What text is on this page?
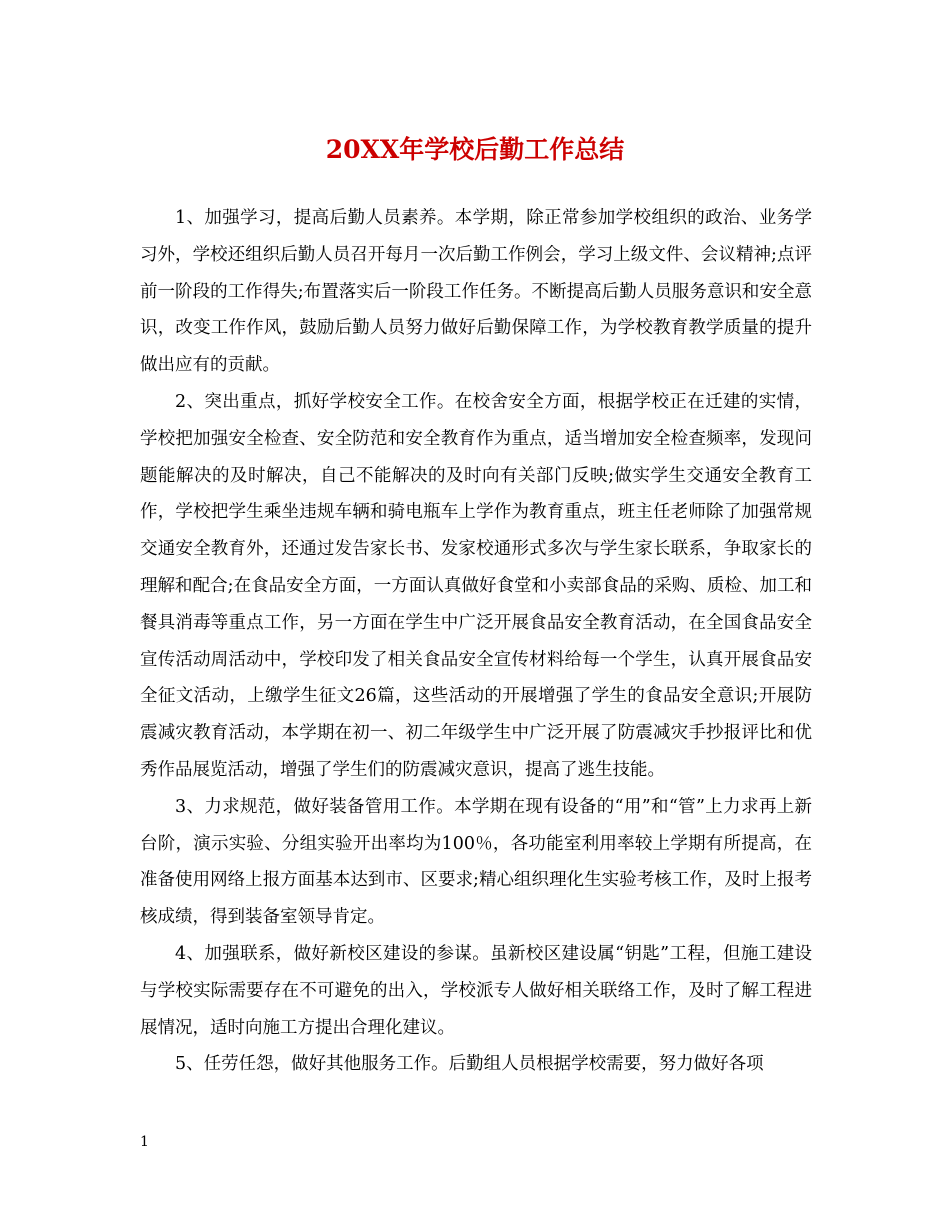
20XX年学校后勤工作总结

1、加强学习，提高后勤人员素养。本学期，除正常参加学校组织的政治、业务学习外，学校还组织后勤人员召开每月一次后勤工作例会，学习上级文件、会议精神;点评前一阶段的工作得失;布置落实后一阶段工作任务。不断提高后勤人员服务意识和安全意识，改变工作作风，鼓励后勤人员努力做好后勤保障工作，为学校教育教学质量的提升做出应有的贡献。

2、突出重点，抓好学校安全工作。在校舍安全方面，根据学校正在迁建的实情，学校把加强安全检查、安全防范和安全教育作为重点，适当增加安全检查频率，发现问题能解决的及时解决，自己不能解决的及时向有关部门反映;做实学生交通安全教育工作，学校把学生乘坐违规车辆和骑电瓶车上学作为教育重点，班主任老师除了加强常规交通安全教育外，还通过发告家长书、发家校通形式多次与学生家长联系，争取家长的理解和配合;在食品安全方面，一方面认真做好食堂和小卖部食品的采购、质检、加工和餐具消毒等重点工作，另一方面在学生中广泛开展食品安全教育活动，在全国食品安全宣传活动周活动中，学校印发了相关食品安全宣传材料给每一个学生，认真开展食品安全征文活动，上缴学生征文26篇，这些活动的开展增强了学生的食品安全意识;开展防震减灾教育活动，本学期在初一、初二年级学生中广泛开展了防震减灾手抄报评比和优秀作品展览活动，增强了学生们的防震减灾意识，提高了逃生技能。

3、力求规范，做好装备管用工作。本学期在现有设备的“用”和“管”上力求再上新台阶，演示实验、分组实验开出率均为100％，各功能室利用率较上学期有所提高，在准备使用网络上报方面基本达到市、区要求;精心组织理化生实验考核工作，及时上报考核成绩，得到装备室领导肯定。

4、加强联系，做好新校区建设的参谋。虽新校区建设属“钥匙”工程，但施工建设与学校实际需要存在不可避免的出入，学校派专人做好相关联络工作，及时了解工程进展情况，适时向施工方提出合理化建议。

5、任劳任怨，做好其他服务工作。后勤组人员根据学校需要，努力做好各项

1
